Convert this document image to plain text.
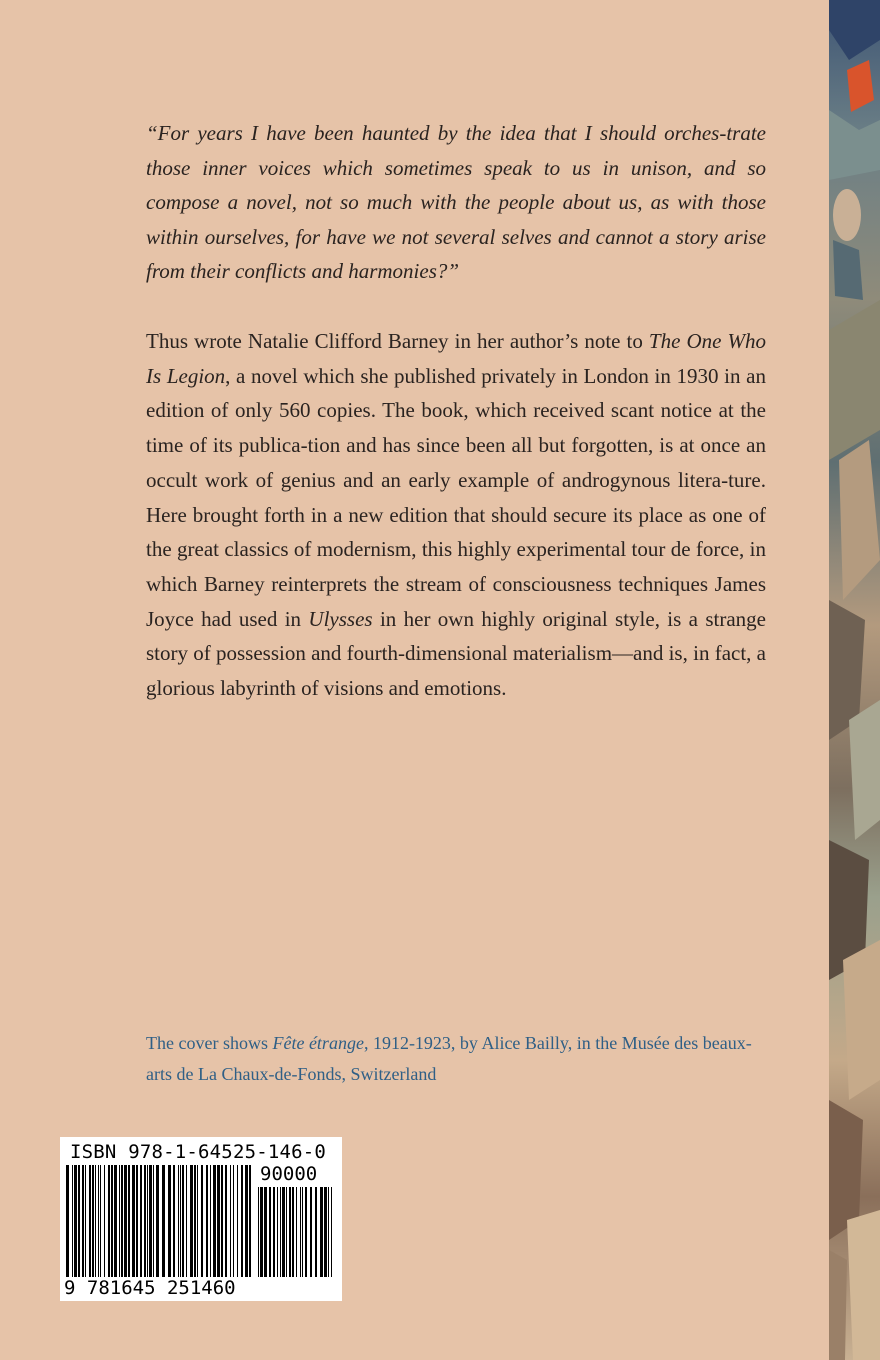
“For years I have been haunted by the idea that I should orches-trate those inner voices which sometimes speak to us in unison, and so compose a novel, not so much with the people about us, as with those within ourselves, for have we not several selves and cannot a story arise from their conflicts and harmonies?”

Thus wrote Natalie Clifford Barney in her author’s note to The One Who Is Legion, a novel which she published privately in London in 1930 in an edition of only 560 copies. The book, which received scant notice at the time of its publica-tion and has since been all but forgotten, is at once an occult work of genius and an early example of androgynous litera-ture. Here brought forth in a new edition that should secure its place as one of the great classics of modernism, this highly experimental tour de force, in which Barney reinterprets the stream of consciousness techniques James Joyce had used in Ulysses in her own highly original style, is a strange story of possession and fourth-dimensional materialism—and is, in fact, a glorious labyrinth of visions and emotions.

The cover shows Fête étrange, 1912-1923, by Alice Bailly, in the Musée des beaux-arts de La Chaux-de-Fonds, Switzerland

ISBN 978-1-64525-146-0
90000
9 781645 251460
